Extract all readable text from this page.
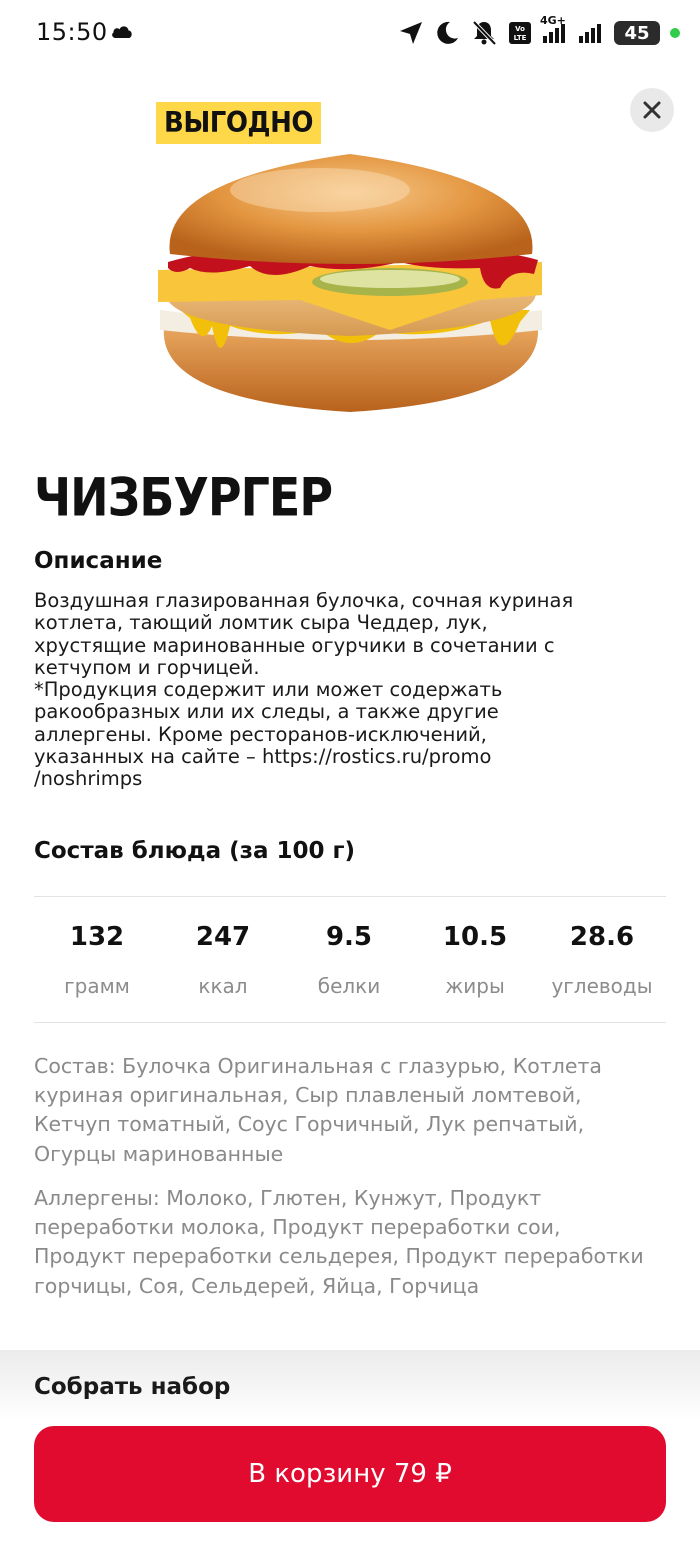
15:50	Vo
LTE
4G+
45
ВЫГОДНО
ЧИЗБУРГЕР
Описание
Воздушная глазированная булочка, сочная куриная
котлета, тающий ломтик сыра Чеддер, лук,
хрустящие маринованные огурчики в сочетании с
кетчупом и горчицей.
*Продукция содержит или может содержать
ракообразных или их следы, а также другие
аллергены. Кроме ресторанов-исключений,
указанных на сайте – https://rostics.ru/promo
/noshrimps
Состав блюда (за 100 г)
132
грамм
247
ккал
9.5
белки
10.5
жиры
28.6
углеводы
Состав: Булочка Оригинальная с глазурью, Котлета куриная оригинальная, Сыр плавленый ломтевой, Кетчуп томатный, Соус Горчичный, Лук репчатый, Огурцы маринованные
Аллергены: Молоко, Глютен, Кунжут, Продукт переработки молока, Продукт переработки сои, Продукт переработки сельдерея, Продукт переработки горчицы, Соя, Сельдерей, Яйца, Горчица
Собрать набор
В корзину 79 ₽
